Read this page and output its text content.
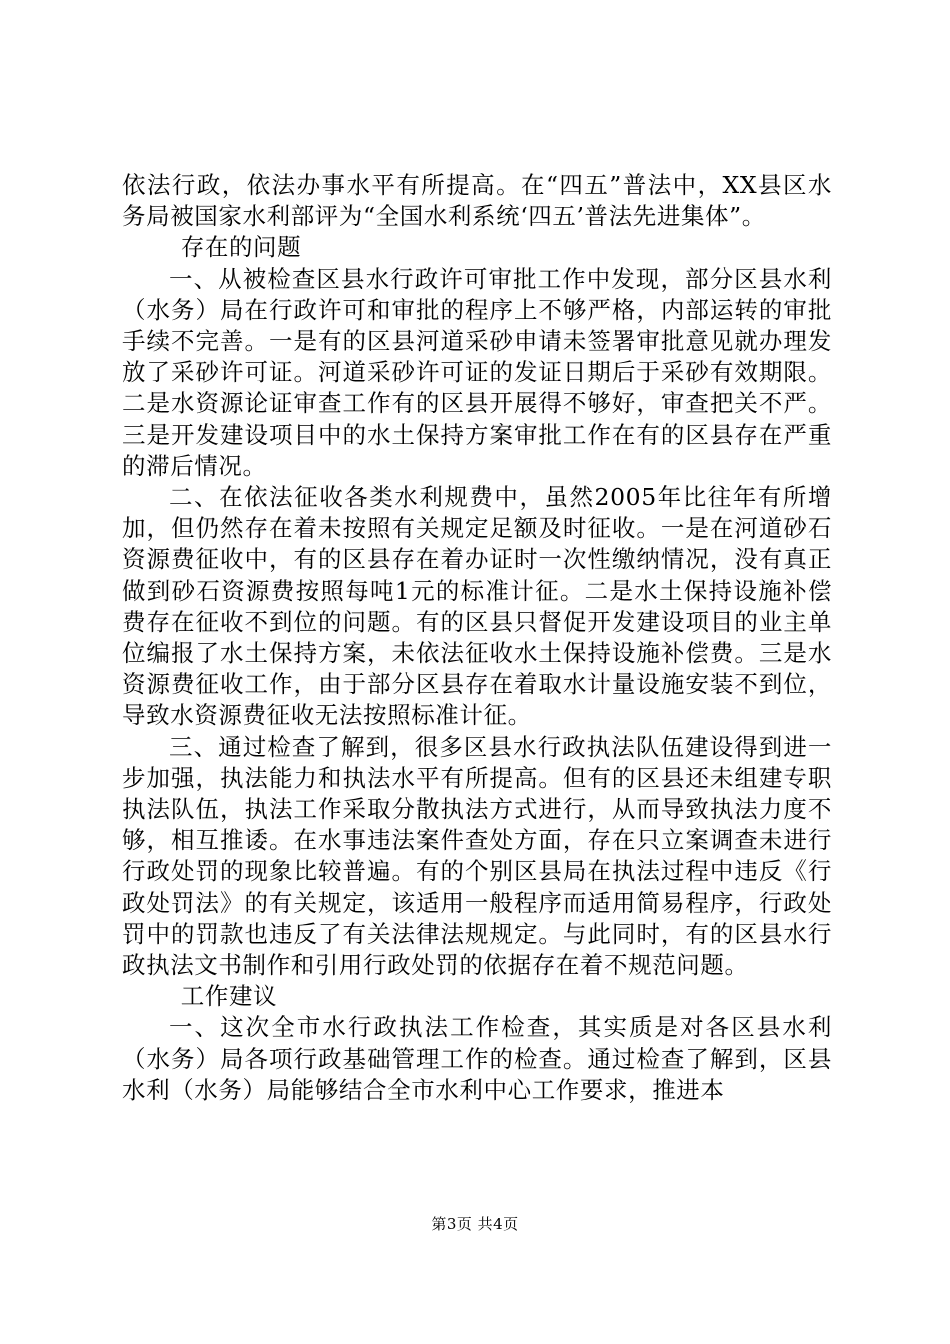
依法行政，依法办事水平有所提高。在“四五”普法中，XX县区水务局被国家水利部评为“全国水利系统‘四五’普法先进集体”。

存在的问题

一、从被检查区县水行政许可审批工作中发现，部分区县水利（水务）局在行政许可和审批的程序上不够严格，内部运转的审批手续不完善。一是有的区县河道采砂申请未签署审批意见就办理发放了采砂许可证。河道采砂许可证的发证日期后于采砂有效期限。二是水资源论证审查工作有的区县开展得不够好，审查把关不严。三是开发建设项目中的水土保持方案审批工作在有的区县存在严重的滞后情况。

二、在依法征收各类水利规费中，虽然2005年比往年有所增加，但仍然存在着未按照有关规定足额及时征收。一是在河道砂石资源费征收中，有的区县存在着办证时一次性缴纳情况，没有真正做到砂石资源费按照每吨1元的标准计征。二是水土保持设施补偿费存在征收不到位的问题。有的区县只督促开发建设项目的业主单位编报了水土保持方案，未依法征收水土保持设施补偿费。三是水资源费征收工作，由于部分区县存在着取水计量设施安装不到位，导致水资源费征收无法按照标准计征。

三、通过检查了解到，很多区县水行政执法队伍建设得到进一步加强，执法能力和执法水平有所提高。但有的区县还未组建专职执法队伍，执法工作采取分散执法方式进行，从而导致执法力度不够，相互推诿。在水事违法案件查处方面，存在只立案调查未进行行政处罚的现象比较普遍。有的个别区县局在执法过程中违反《行政处罚法》的有关规定，该适用一般程序而适用简易程序，行政处罚中的罚款也违反了有关法律法规规定。与此同时，有的区县水行政执法文书制作和引用行政处罚的依据存在着不规范问题。

工作建议

一、这次全市水行政执法工作检查，其实质是对各区县水利（水务）局各项行政基础管理工作的检查。通过检查了解到，区县水利（水务）局能够结合全市水利中心工作要求，推进本

第3页 共4页
